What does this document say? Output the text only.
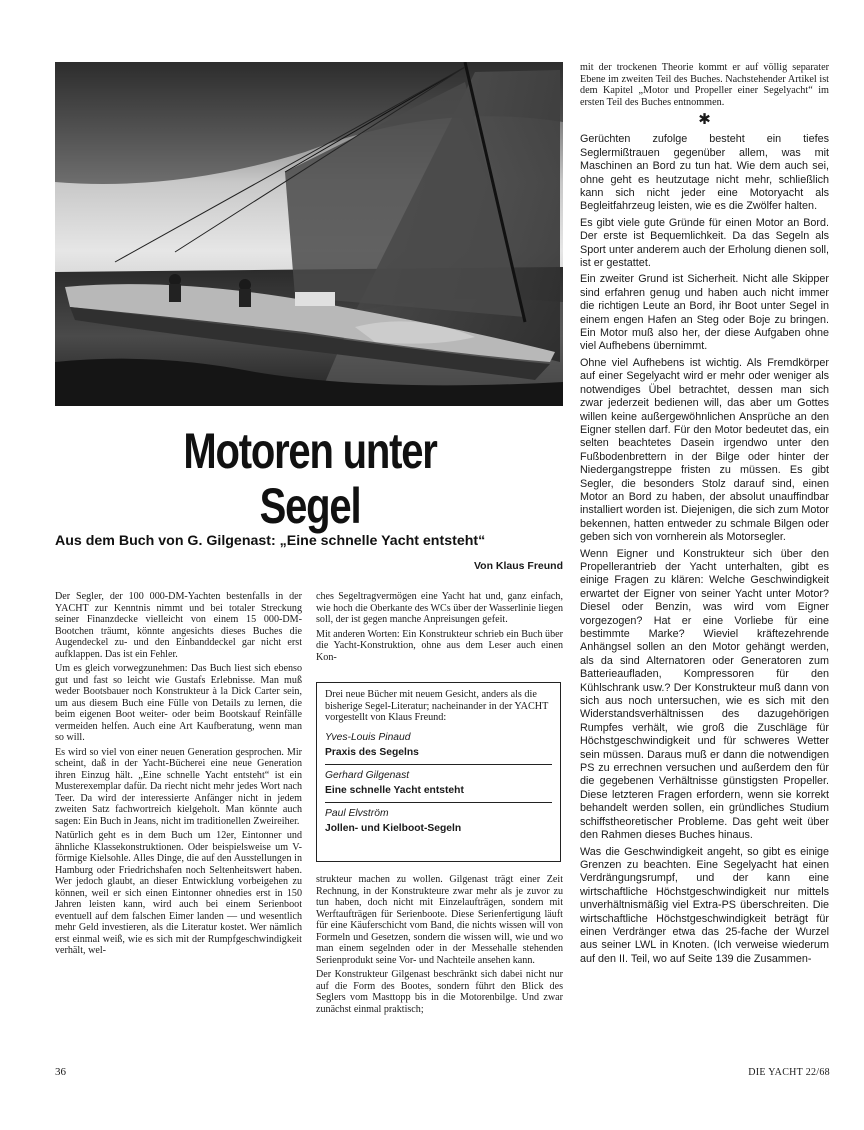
mit der trockenen Theorie kommt er auf völlig separater Ebene im zweiten Teil des Buches. Nachstehender Artikel ist dem Kapitel „Motor und Propeller einer Segelyacht“ im ersten Teil des Buches entnommen.

✱

Gerüchten zufolge besteht ein tiefes Seglermißtrauen gegenüber allem, was mit Maschinen an Bord zu tun hat. Wie dem auch sei, ohne geht es heutzutage nicht mehr, schließlich kann sich nicht jeder eine Motoryacht als Begleitfahrzeug leisten, wie es die Zwölfer halten.

Es gibt viele gute Gründe für einen Motor an Bord. Der erste ist Bequemlichkeit. Da das Segeln als Sport unter anderem auch der Erholung dienen soll, ist er gestattet.

Ein zweiter Grund ist Sicherheit. Nicht alle Skipper sind erfahren genug und haben auch nicht immer die richtigen Leute an Bord, ihr Boot unter Segel in einem engen Hafen an Steg oder Boje zu bringen. Ein Motor muß also her, der diese Aufgaben ohne viel Aufhebens übernimmt.

Ohne viel Aufhebens ist wichtig. Als Fremdkörper auf einer Segelyacht wird er mehr oder weniger als notwendiges Übel betrachtet, dessen man sich zwar jederzeit bedienen will, das aber um Gottes willen keine außergewöhnlichen Ansprüche an den Eigner stellen darf. Für den Motor bedeutet das, ein selten beachtetes Dasein irgendwo unter den Fußbodenbrettern in der Bilge oder hinter der Niedergangstreppe fristen zu müssen. Es gibt Segler, die besonders Stolz darauf sind, einen Motor an Bord zu haben, der absolut unauffindbar installiert worden ist. Diejenigen, die sich zum Motor bekennen, hatten entweder zu schmale Bilgen oder geben sich von vornherein als Motorsegler.

Wenn Eigner und Konstrukteur sich über den Propellerantrieb der Yacht unterhalten, gibt es einige Fragen zu klären: Welche Geschwindigkeit erwartet der Eigner von seiner Yacht unter Motor? Diesel oder Benzin, was wird vom Eigner vorgezogen? Hat er eine Vorliebe für eine bestimmte Marke? Wieviel kräftezehrende Anhängsel sollen an den Motor gehängt werden, als da sind Alternatoren oder Generatoren zum Batterieaufladen, Kompressoren für den Kühlschrank usw.? Der Konstrukteur muß dann von sich aus noch untersuchen, wie es sich mit den Widerstandsverhältnissen des dazugehörigen Rumpfes verhält, wie groß die Zuschläge für Höchstgeschwindigkeit und für schweres Wetter sein müssen. Daraus muß er dann die notwendigen PS zu errechnen versuchen und außerdem den für die gegebenen Verhältnisse günstigsten Propeller. Diese letzteren Fragen erfordern, wenn sie korrekt behandelt werden sollen, ein gründliches Studium schiffstheoretischer Probleme. Das geht weit über den Rahmen dieses Buches hinaus.

Was die Geschwindigkeit angeht, so gibt es einige Grenzen zu beachten. Eine Segelyacht hat einen Verdrängungsrumpf, und der kann eine wirtschaftliche Höchstgeschwindigkeit nur mittels unverhältnismäßig viel Extra-PS überschreiten. Die wirtschaftliche Höchstgeschwindigkeit beträgt für einen Verdränger etwa das 25-fache der Wurzel aus seiner LWL in Knoten. (Ich verweise wiederum auf den II. Teil, wo auf Seite 139 die Zusammen-

Motoren unter
Segel
Aus dem Buch von G. Gilgenast: „Eine schnelle Yacht entsteht“
Von Klaus Freund

Der Segler, der 100 000-DM-Yachten bestenfalls in der YACHT zur Kenntnis nimmt und bei totaler Streckung seiner Finanzdecke vielleicht von einem 15 000-DM-Bootchen träumt, könnte angesichts dieses Buches die Augendeckel zu- und den Einbanddeckel gar nicht erst aufklappen. Das ist ein Fehler.

Um es gleich vorwegzunehmen: Das Buch liest sich ebenso gut und fast so leicht wie Gustafs Erlebnisse. Man muß weder Bootsbauer noch Konstrukteur à la Dick Carter sein, um aus diesem Buch eine Fülle von Details zu lernen, die beim eigenen Boot weiter- oder beim Bootskauf Reinfälle vermeiden helfen. Auch eine Art Kaufberatung, wenn man so will.

Es wird so viel von einer neuen Generation gesprochen. Mir scheint, daß in der Yacht-Bücherei eine neue Generation ihren Einzug hält. „Eine schnelle Yacht entsteht“ ist ein Musterexemplar dafür. Da riecht nicht mehr jedes Wort nach Teer. Da wird der interessierte Anfänger nicht in jedem zweiten Satz fachwortreich kielgeholt. Man könnte auch sagen: Ein Buch in Jeans, nicht im traditionellen Zweireiher.

Natürlich geht es in dem Buch um 12er, Eintonner und ähnliche Klassekonstruktionen. Oder beispielsweise um V-förmige Kielsohle. Alles Dinge, die auf den Ausstellungen in Hamburg oder Friedrichshafen noch Seltenheitswert haben. Wer jedoch glaubt, an dieser Entwicklung vorbeigehen zu können, weil er sich einen Eintonner ohnedies erst in 150 Jahren leisten kann, wird auch bei einem Serienboot eventuell auf dem falschen Eimer landen — und wesentlich mehr Geld investieren, als die Literatur kostet. Wer nämlich erst einmal weiß, wie es sich mit der Rumpfgeschwindigkeit verhält, wel-

ches Segeltragvermögen eine Yacht hat und, ganz einfach, wie hoch die Oberkante des WCs über der Wasserlinie liegen soll, der ist gegen manche Anpreisungen gefeit.

Mit anderen Worten: Ein Konstrukteur schrieb ein Buch über die Yacht-Konstruktion, ohne aus dem Leser auch einen Kon-

Drei neue Bücher mit neuem Gesicht, anders als die bisherige Segel-Literatur; nacheinander in der YACHT vorgestellt von Klaus Freund:

Yves-Louis Pinaud

Praxis des Segelns

Gerhard Gilgenast

Eine schnelle Yacht entsteht

Paul Elvström

Jollen- und Kielboot-Segeln

strukteur machen zu wollen. Gilgenast trägt einer Zeit Rechnung, in der Konstrukteure zwar mehr als je zuvor zu tun haben, doch nicht mit Einzelaufträgen, sondern mit Werftaufträgen für Serienboote. Diese Serienfertigung läuft für eine Käuferschicht vom Band, die nichts wissen will von Formeln und Gesetzen, sondern die wissen will, wie und wo man einem segelnden oder in der Messehalle stehenden Serienprodukt seine Vor- und Nachteile ansehen kann.

Der Konstrukteur Gilgenast beschränkt sich dabei nicht nur auf die Form des Bootes, sondern führt den Blick des Seglers vom Masttopp bis in die Motorenbilge. Und zwar zunächst einmal praktisch;

36	DIE YACHT 22/68
